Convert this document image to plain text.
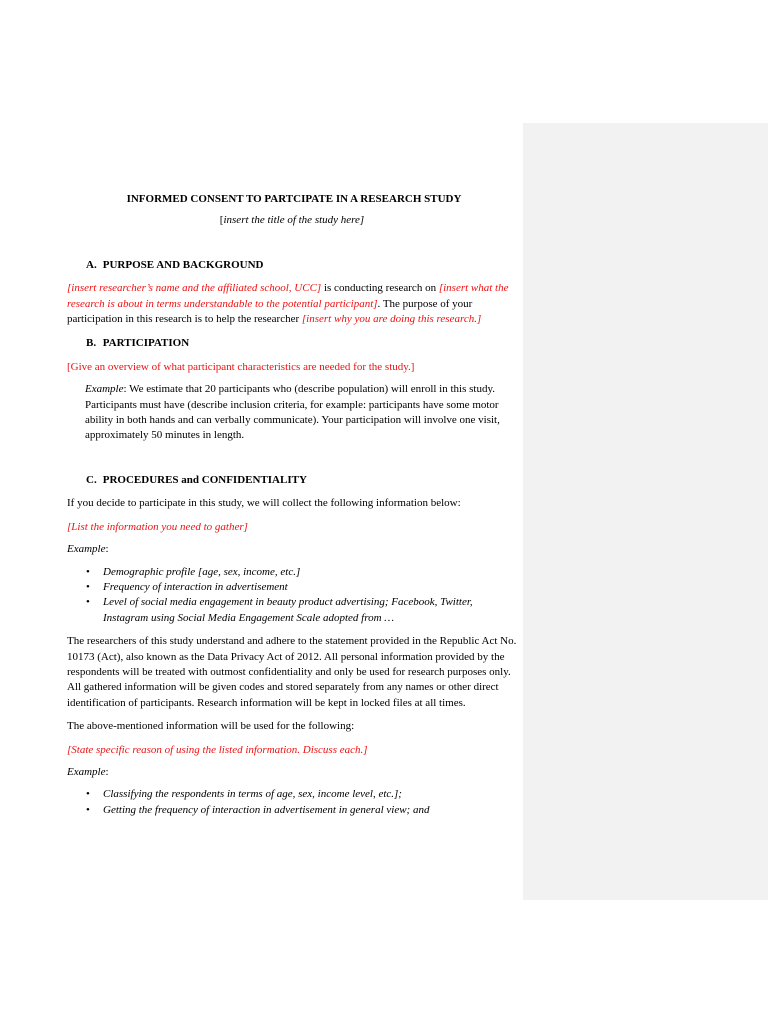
Comment [?]

INFORMED CONSENT TO PARTCIPATE IN A RESEARCH STUDY

[insert the title of the study here]

A. PURPOSE AND BACKGROUND

[insert researcher’s name and the affiliated school, UCC] is conducting research on [insert what the research is about in terms understandable to the potential participant]. The purpose of your participation in this research is to help the researcher [insert why you are doing this research.]

B. PARTICIPATION

[Give an overview of what participant characteristics are needed for the study.]

Example: We estimate that 20 participants who (describe population) will enroll in this study. Participants must have (describe inclusion criteria, for example: participants have some motor ability in both hands and can verbally communicate). Your participation will involve one visit, approximately 50 minutes in length.

C. PROCEDURES and CONFIDENTIALITY

If you decide to participate in this study, we will collect the following information below:

[List the information you need to gather]

Example:

• Demographic profile [age, sex, income, etc.]
• Frequency of interaction in advertisement
• Level of social media engagement in beauty product advertising; Facebook, Twitter, Instagram using Social Media Engagement Scale adopted from …

The researchers of this study understand and adhere to the statement provided in the Republic Act No. 10173 (Act), also known as the Data Privacy Act of 2012. All personal information provided by the respondents will be treated with outmost confidentiality and only be used for research purposes only. All gathered information will be given codes and stored separately from any names or other direct identification of participants. Research information will be kept in locked files at all times.

The above-mentioned information will be used for the following:

[State specific reason of using the listed information. Discuss each.]

Example:

• Classifying the respondents in terms of age, sex, income level, etc.];
• Getting the frequency of interaction in advertisement in general view; and
